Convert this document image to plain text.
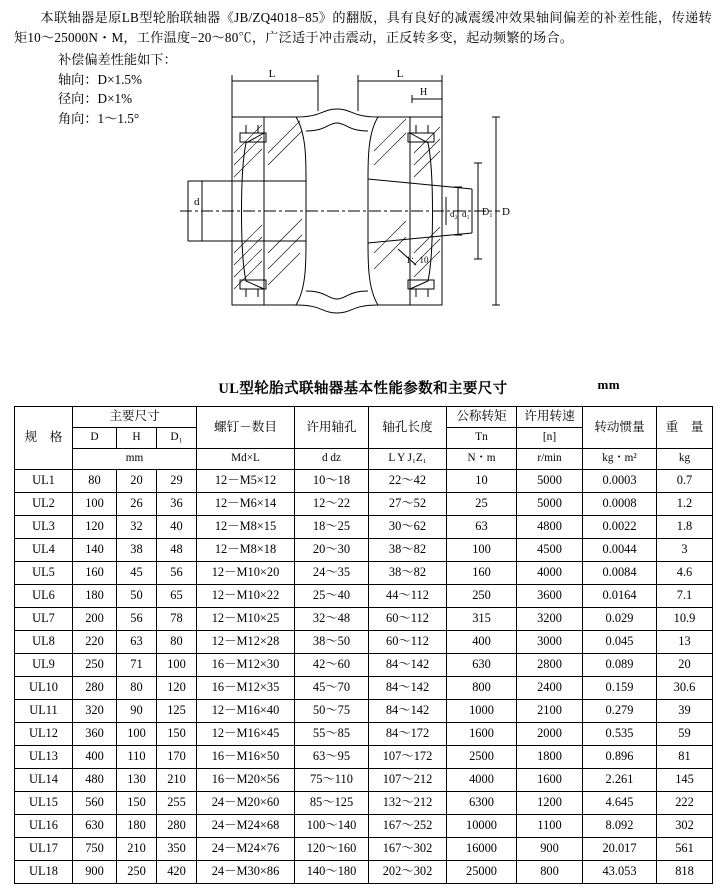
本联轴器是原LB型轮胎联轴器《JB/ZQ4018−85》的翻版，具有良好的减震缓冲效果轴间偏差的补差性能，传递转矩10～25000N・M，工作温度−20～80℃，广泛适于冲击震动，正反转多变，起动频繁的场合。

补偿偏差性能如下：
轴向：D×1.5%
径向：D×1%
角向：1～1.5°
L	L
d
d₂ d₁ D₁ D
H
1：10
UL型轮胎式联轴器基本性能参数和主要尺寸	mm
规　格	主要尺寸			螺钉－数目	许用轴孔	轴孔长度	公称转矩	许用转速	转动惯量	重　量
	D	H	D₁				Tn	[n]		
	mm			Md×L	d dz	L Y J₁Z₁	N・m	r/min	kg・m²	kg
UL1	80	20	29	12－M5×12	10～18	22～42	10	5000	0.0003	0.7
UL2	100	26	36	12－M6×14	12～22	27～52	25	5000	0.0008	1.2
UL3	120	32	40	12－M8×15	18～25	30～62	63	4800	0.0022	1.8
UL4	140	38	48	12－M8×18	20～30	38～82	100	4500	0.0044	3
UL5	160	45	56	12－M10×20	24～35	38～82	160	4000	0.0084	4.6
UL6	180	50	65	12－M10×22	25～40	44～112	250	3600	0.0164	7.1
UL7	200	56	78	12－M10×25	32～48	60～112	315	3200	0.029	10.9
UL8	220	63	80	12－M12×28	38～50	60～112	400	3000	0.045	13
UL9	250	71	100	16－M12×30	42～60	84～142	630	2800	0.089	20
UL10	280	80	120	16－M12×35	45～70	84～142	800	2400	0.159	30.6
UL11	320	90	125	12－M16×40	50～75	84～142	1000	2100	0.279	39
UL12	360	100	150	12－M16×45	55～85	84～172	1600	2000	0.535	59
UL13	400	110	170	16－M16×50	63～95	107～172	2500	1800	0.896	81
UL14	480	130	210	16－M20×56	75～110	107～212	4000	1600	2.261	145
UL15	560	150	255	24－M20×60	85～125	132～212	6300	1200	4.645	222
UL16	630	180	280	24－M24×68	100～140	167～252	10000	1100	8.092	302
UL17	750	210	350	24－M24×76	120～160	167～302	16000	900	20.017	561
UL18	900	250	420	24－M30×86	140～180	202～302	25000	800	43.053	818
